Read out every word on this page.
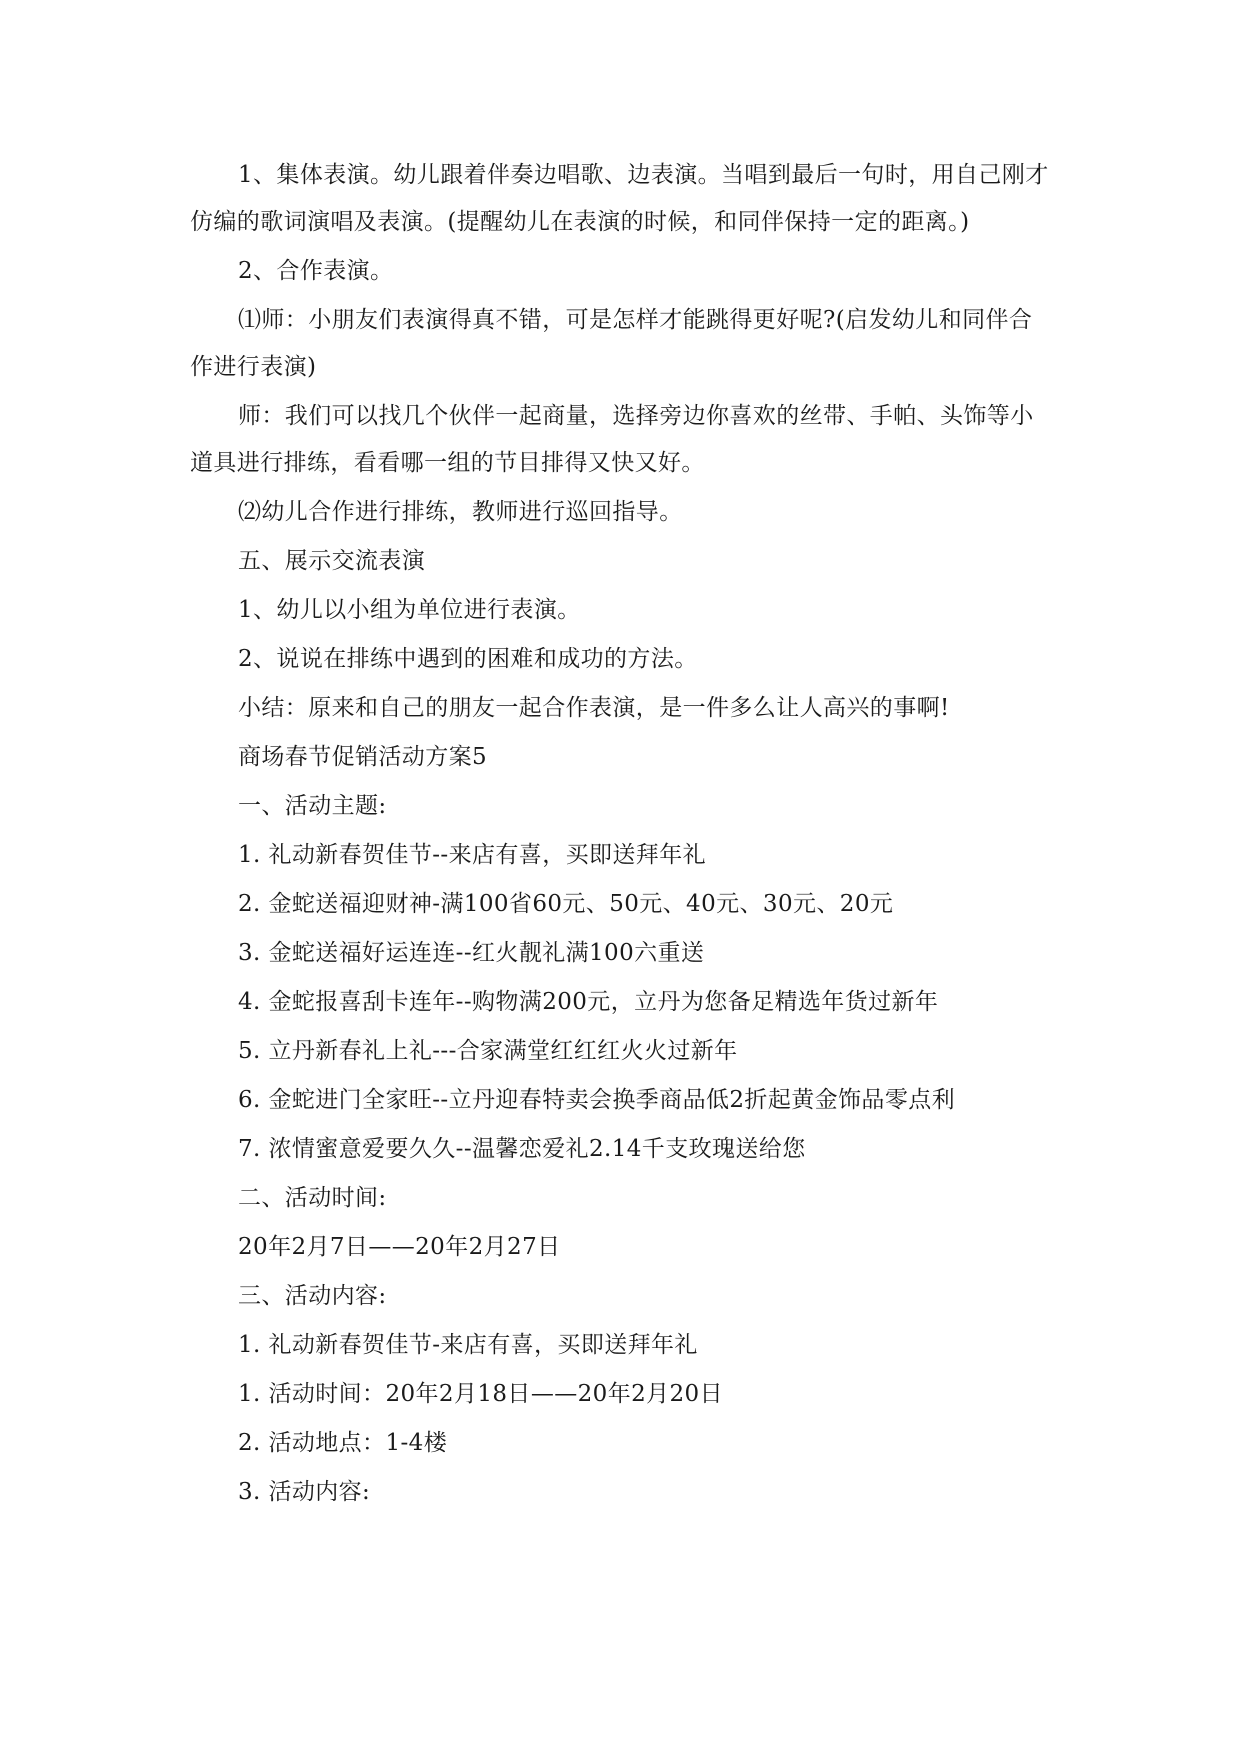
1、集体表演。幼儿跟着伴奏边唱歌、边表演。当唱到最后一句时，用自己刚才仿编的歌词演唱及表演。(提醒幼儿在表演的时候，和同伴保持一定的距离。)

2、合作表演。

⑴师：小朋友们表演得真不错，可是怎样才能跳得更好呢?(启发幼儿和同伴合作进行表演)

师：我们可以找几个伙伴一起商量，选择旁边你喜欢的丝带、手帕、头饰等小道具进行排练，看看哪一组的节目排得又快又好。

⑵幼儿合作进行排练，教师进行巡回指导。

五、展示交流表演

1、幼儿以小组为单位进行表演。

2、说说在排练中遇到的困难和成功的方法。

小结：原来和自己的朋友一起合作表演，是一件多么让人高兴的事啊!

商场春节促销活动方案5

一、活动主题:

1. 礼动新春贺佳节--来店有喜，买即送拜年礼

2. 金蛇送福迎财神-满100省60元、50元、40元、30元、20元

3. 金蛇送福好运连连--红火靓礼满100六重送

4. 金蛇报喜刮卡连年--购物满200元，立丹为您备足精选年货过新年

5. 立丹新春礼上礼---合家满堂红红红火火过新年

6. 金蛇进门全家旺--立丹迎春特卖会换季商品低2折起黄金饰品零点利

7. 浓情蜜意爱要久久--温馨恋爱礼2.14千支玫瑰送给您

二、活动时间:

20年2月7日——20年2月27日

三、活动内容:

1. 礼动新春贺佳节-来店有喜，买即送拜年礼

1. 活动时间：20年2月18日——20年2月20日

2. 活动地点：1-4楼

3. 活动内容:
